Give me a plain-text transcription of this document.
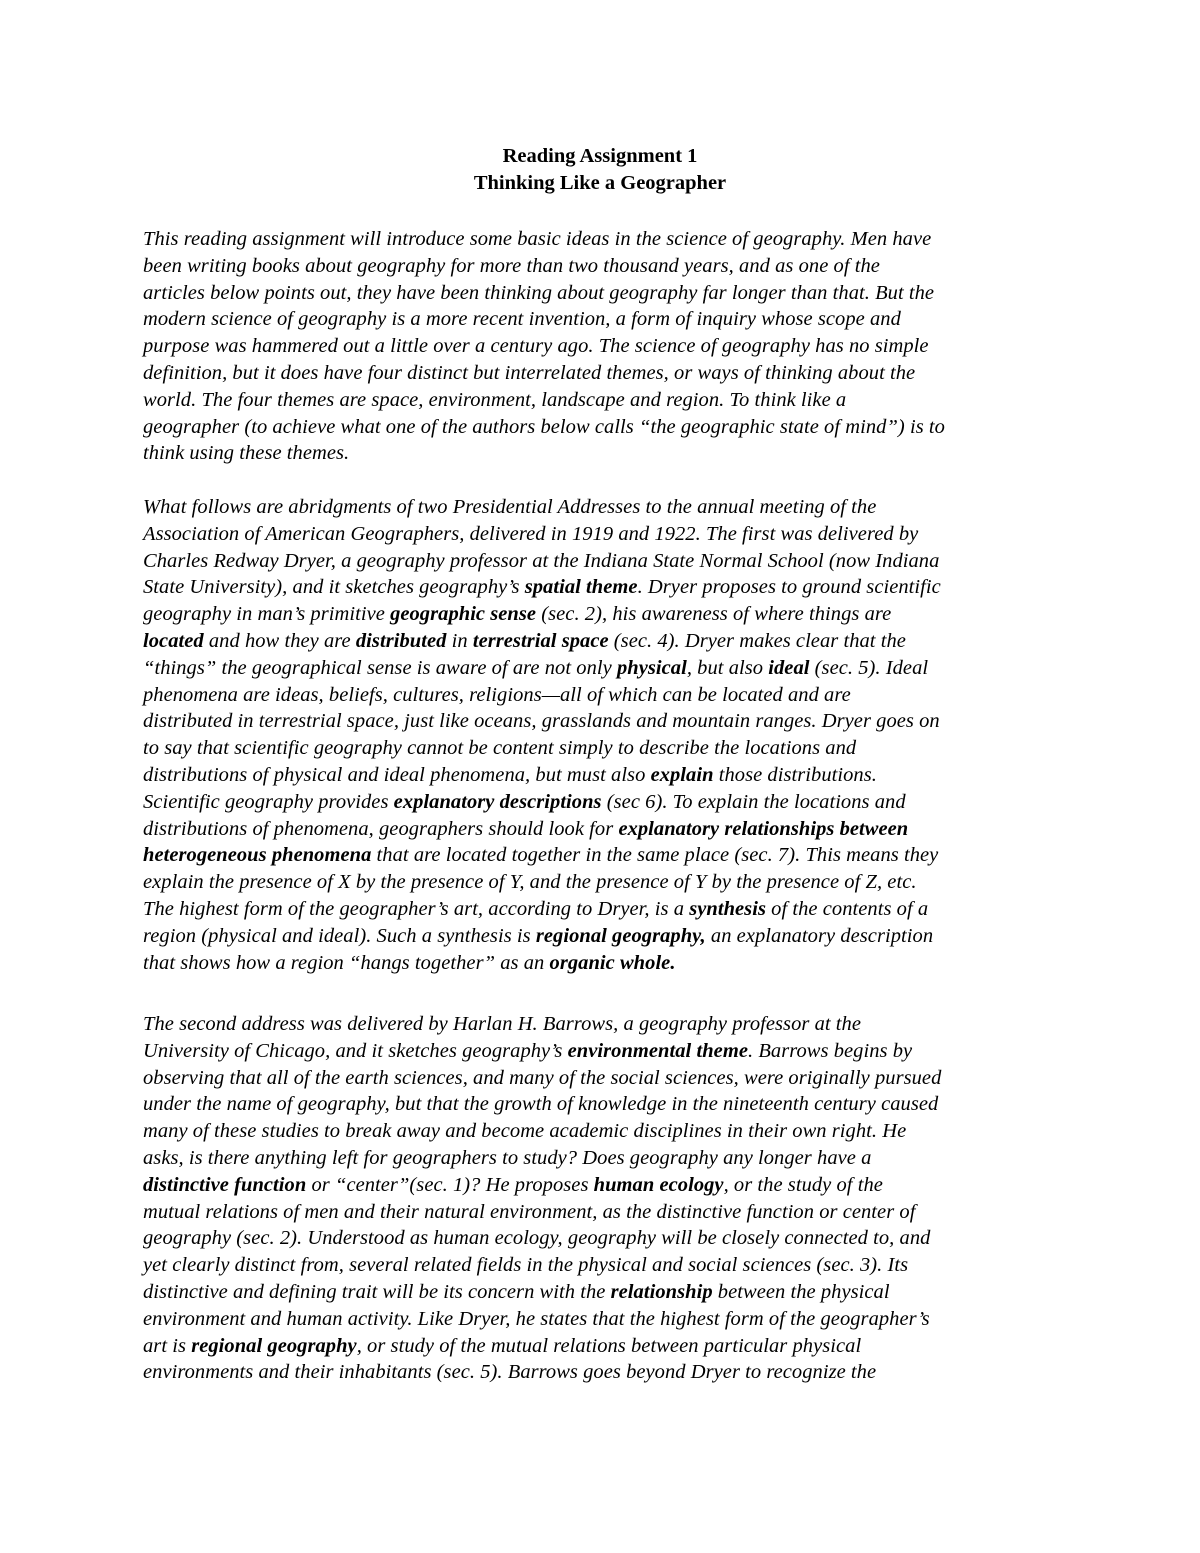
Reading Assignment 1
Thinking Like a Geographer
This reading assignment will introduce some basic ideas in the science of geography. Men have
been writing books about geography for more than two thousand years, and as one of the
articles below points out, they have been thinking about geography far longer than that. But the
modern science of geography is a more recent invention, a form of inquiry whose scope and
purpose was hammered out a little over a century ago. The science of geography has no simple
definition, but it does have four distinct but interrelated themes, or ways of thinking about the
world. The four themes are space, environment, landscape and region. To think like a
geographer (to achieve what one of the authors below calls “the geographic state of mind”) is to
think using these themes.
What follows are abridgments of two Presidential Addresses to the annual meeting of the
Association of American Geographers, delivered in 1919 and 1922. The first was delivered by
Charles Redway Dryer, a geography professor at the Indiana State Normal School (now Indiana
State University), and it sketches geography’s spatial theme. Dryer proposes to ground scientific
geography in man’s primitive geographic sense (sec. 2), his awareness of where things are
located and how they are distributed in terrestrial space (sec. 4). Dryer makes clear that the
“things” the geographical sense is aware of are not only physical, but also ideal (sec. 5). Ideal
phenomena are ideas, beliefs, cultures, religions—all of which can be located and are
distributed in terrestrial space, just like oceans, grasslands and mountain ranges. Dryer goes on
to say that scientific geography cannot be content simply to describe the locations and
distributions of physical and ideal phenomena, but must also explain those distributions.
Scientific geography provides explanatory descriptions (sec 6). To explain the locations and
distributions of phenomena, geographers should look for explanatory relationships between
heterogeneous phenomena that are located together in the same place (sec. 7). This means they
explain the presence of X by the presence of Y, and the presence of Y by the presence of Z, etc.
The highest form of the geographer’s art, according to Dryer, is a synthesis of the contents of a
region (physical and ideal). Such a synthesis is regional geography, an explanatory description
that shows how a region “hangs together” as an organic whole.
The second address was delivered by Harlan H. Barrows, a geography professor at the
University of Chicago, and it sketches geography’s environmental theme. Barrows begins by
observing that all of the earth sciences, and many of the social sciences, were originally pursued
under the name of geography, but that the growth of knowledge in the nineteenth century caused
many of these studies to break away and become academic disciplines in their own right. He
asks, is there anything left for geographers to study? Does geography any longer have a
distinctive function or “center”(sec. 1)? He proposes human ecology, or the study of the
mutual relations of men and their natural environment, as the distinctive function or center of
geography (sec. 2). Understood as human ecology, geography will be closely connected to, and
yet clearly distinct from, several related fields in the physical and social sciences (sec. 3). Its
distinctive and defining trait will be its concern with the relationship between the physical
environment and human activity. Like Dryer, he states that the highest form of the geographer’s
art is regional geography, or study of the mutual relations between particular physical
environments and their inhabitants (sec. 5). Barrows goes beyond Dryer to recognize the
